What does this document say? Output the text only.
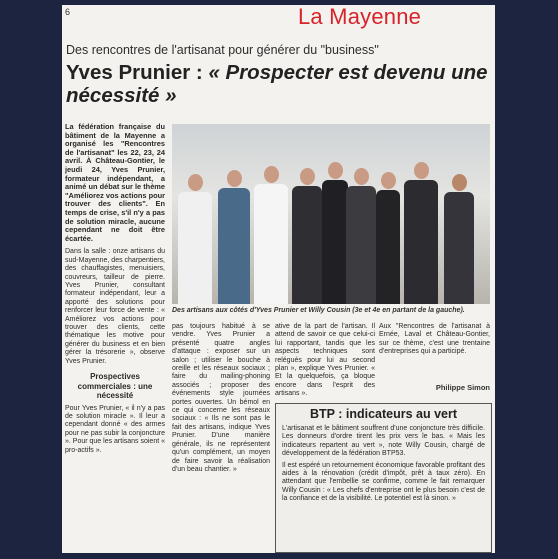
6	La Mayenne
Des rencontres de l'artisanat pour générer du "business"
Yves Prunier : « Prospecter est devenu une nécessité »

La fédération française du bâtiment de la Mayenne a organisé les "Rencontres de l'artisanat" les 22, 23, 24 avril. À Château-Gontier, le jeudi 24, Yves Prunier, formateur indépendant, a animé un débat sur le thème "Améliorez vos actions pour trouver des clients". En temps de crise, s'il n'y a pas de solution miracle, aucune cependant ne doit être écartée.

Dans la salle : onze artisans du sud-Mayenne, des charpentiers, des chauffagistes, menuisiers, couvreurs, tailleur de pierre. Yves Prunier, consultant formateur indépendant, leur a apporté des solutions pour renforcer leur force de vente : « Améliorez vos actions pour trouver des clients, cette thématique les motive pour générer du business et en bien gérer la trésorerie », observe Yves Prunier.

Prospectives commerciales : une nécessité

Pour Yves Prunier, « il n'y a pas de solution miracle ». Il leur a cependant donné « des armes pour ne pas subir la conjoncture ». Pour que les artisans soient « pro-actifs ».

Des artisans aux côtés d'Yves Prunier et Willy Cousin (3e et 4e en partant de la gauche).

pas toujours habitué à se vendre. Yves Prunier a présenté quatre angles d'attaque : exposer sur un salon ; utiliser le bouche à oreille et les réseaux sociaux ; faire du mailing-phoning associés ; proposer des événements style journées portes ouvertes. Un bémol en ce qui concerne les réseaux sociaux : « Ils ne sont pas le fait des artisans, indique Yves Prunier. D'une manière générale, ils ne représentent qu'un complément, un moyen de faire savoir la réalisation d'un beau chantier. »

ative de la part de l'artisan. Il attend de savoir ce que celui-ci lui rapportant, tandis que les aspects techniques sont relégués pour lui au second plan », explique Yves Prunier. « Et la quelquefois, ça bloque encore dans l'esprit des artisans ».

Aux "Rencontres de l'artisanat à Ernée, Laval et Château-Gontier, sur ce thème, c'est une trentaine d'entreprises qui a participé.

Philippe Simon
BTP : indicateurs au vert

L'artisanat et le bâtiment souffrent d'une conjoncture très difficile. Les donneurs d'ordre tirent les prix vers le bas. « Mais les indicateurs repartent au vert », note Willy Cousin, chargé de développement de la fédération BTP53.

Il est espéré un retournement économique favorable profitant des aides à la rénovation (crédit d'impôt, prêt à taux zéro). En attendant que l'embellie se confirme, comme le fait remarquer Willy Cousin : « Les chefs d'entreprise ont le plus besoin c'est de la confiance et de la visibilité. Le potentiel est là sinon. »
